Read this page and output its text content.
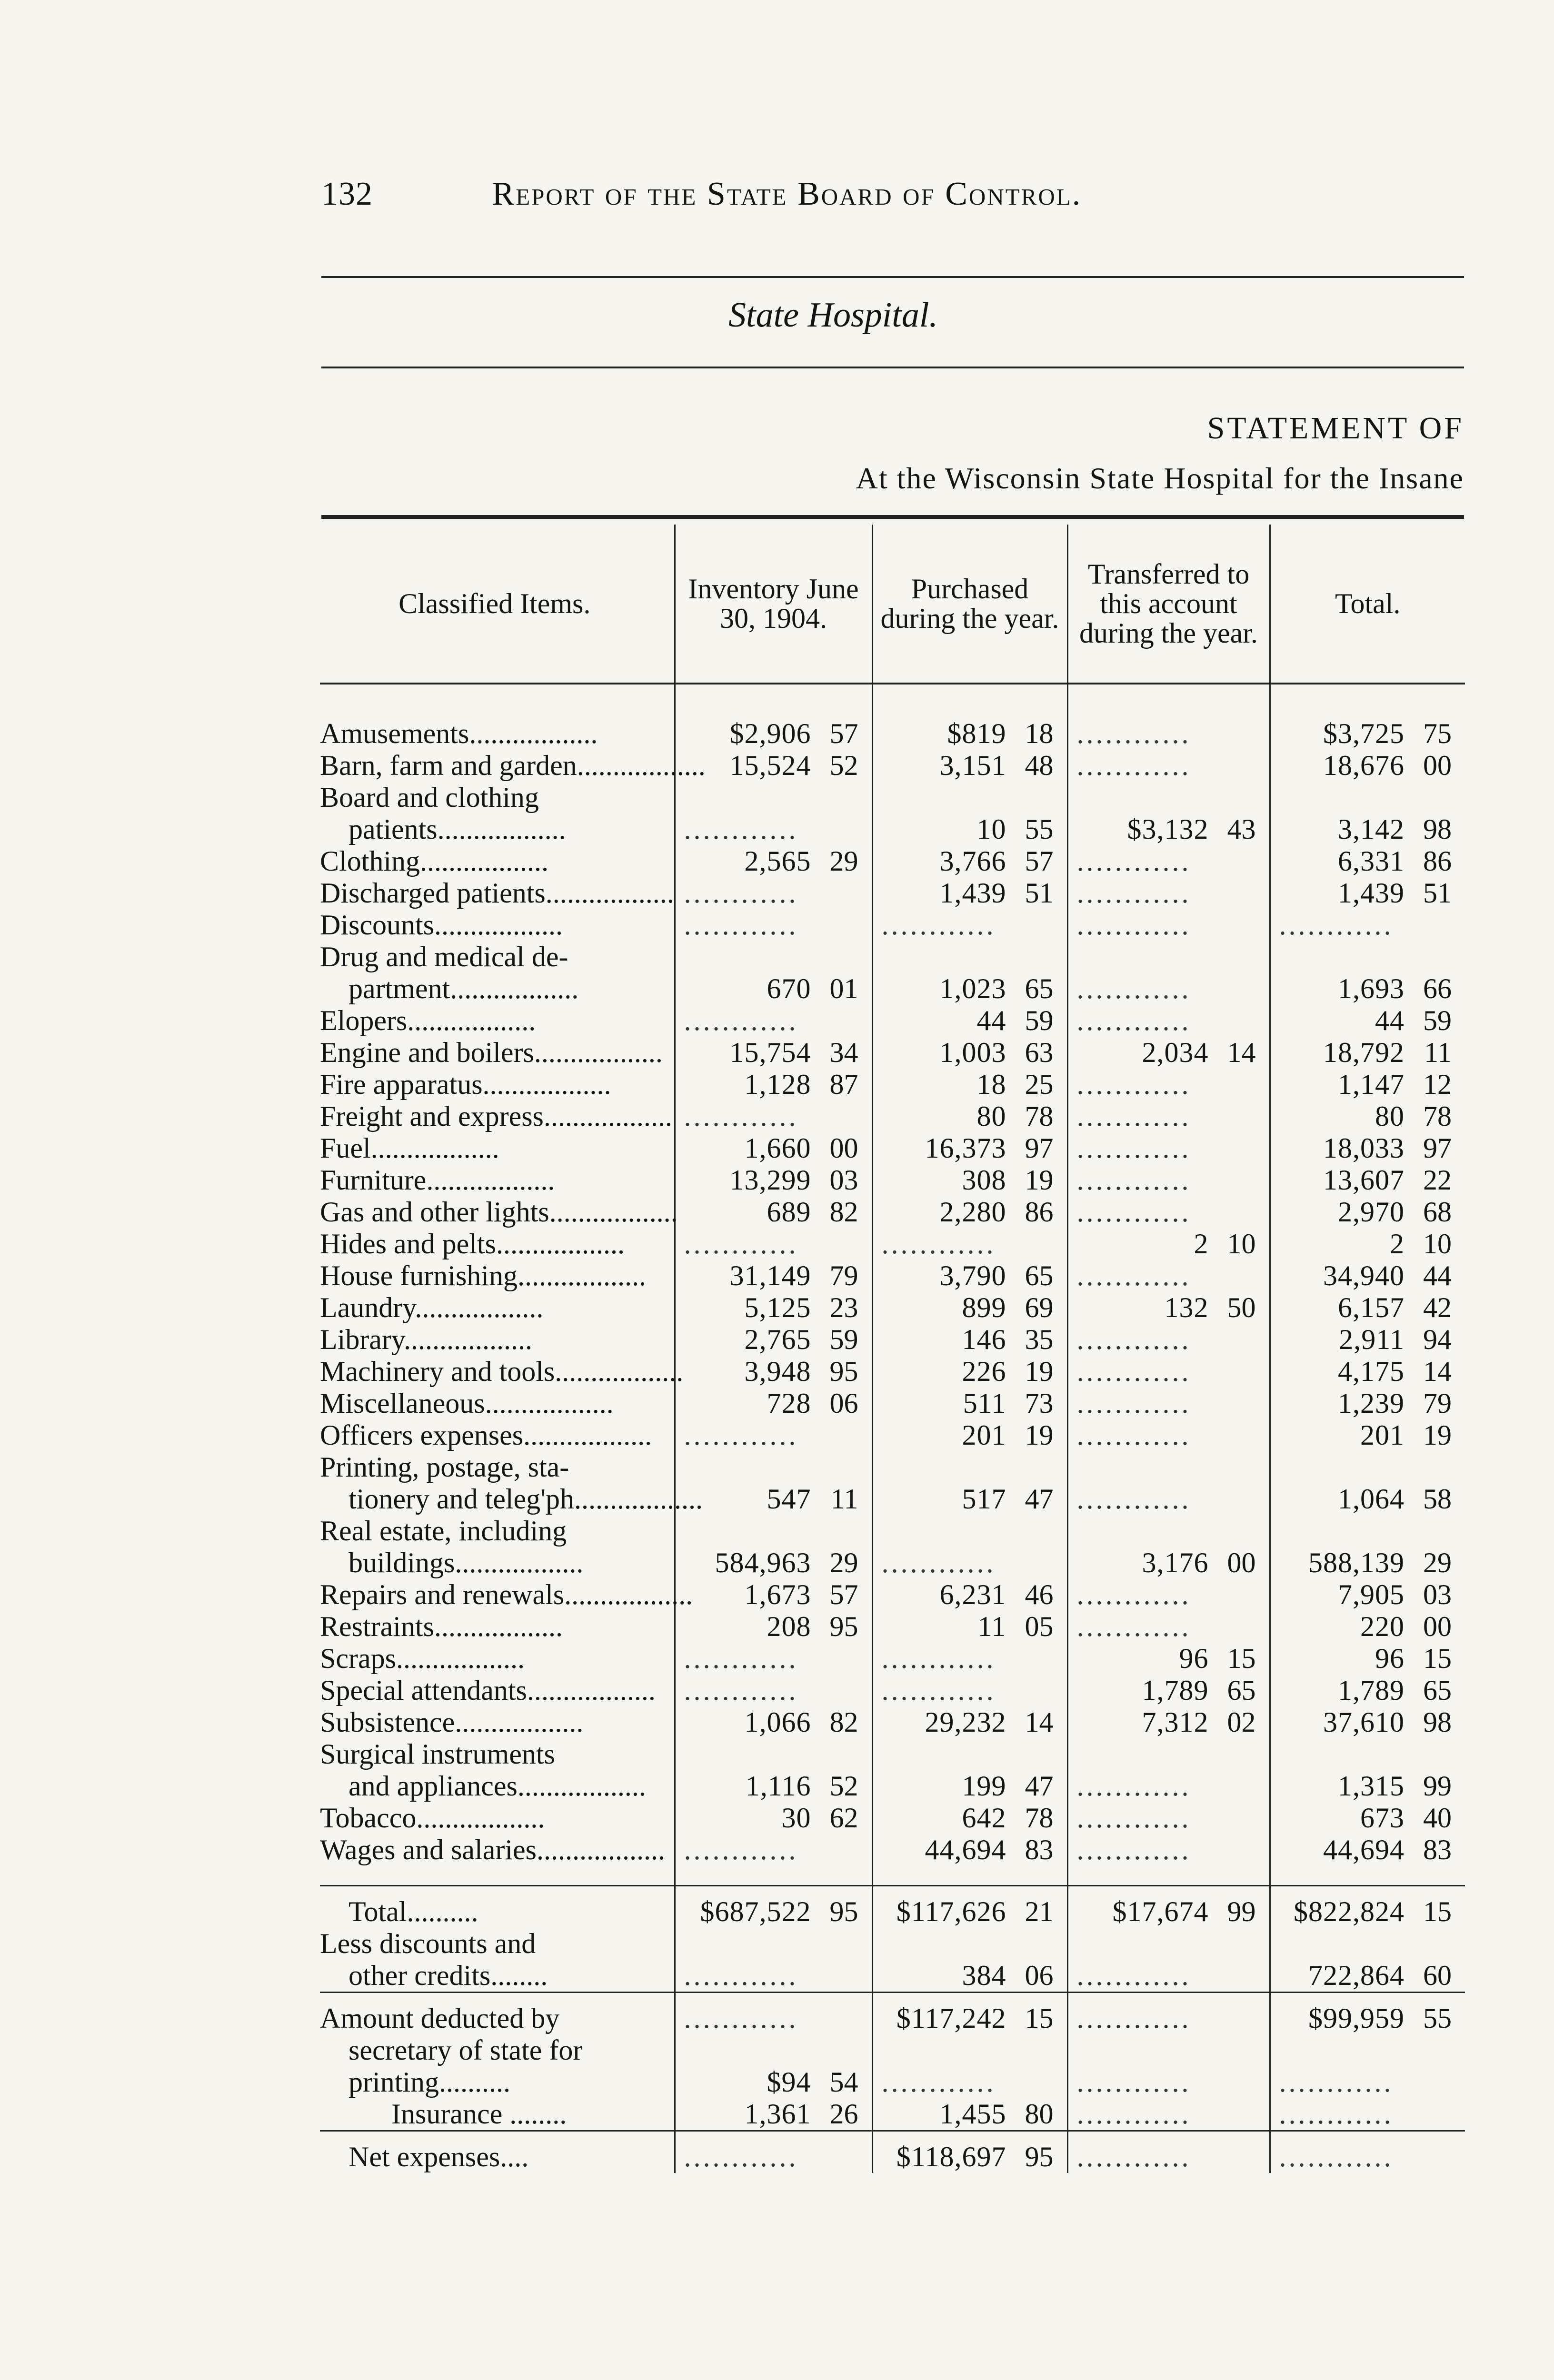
132	Report of the State Board of Control.
State Hospital.
STATEMENT OF
At the Wisconsin State Hospital for the Insane
Classified Items.	Inventory June 30, 1904.	Purchased during the year.	Transferred to this account during the year.	Total.

Amusements..................	$2,906 57	$819 18	............	$3,725 75
Barn, farm and garden..................	15,524 52	3,151 48	............	18,676 00
Board and clothing				
patients..................	............	10 55	$3,132 43	3,142 98
Clothing..................	2,565 29	3,766 57	............	6,331 86
Discharged patients..................	............	1,439 51	............	1,439 51
Discounts..................	............	............	............	............
Drug and medical de-				
partment..................	670 01	1,023 65	............	1,693 66
Elopers..................	............	44 59	............	44 59
Engine and boilers..................	15,754 34	1,003 63	2,034 14	18,792 11
Fire apparatus..................	1,128 87	18 25	............	1,147 12
Freight and express..................	............	80 78	............	80 78
Fuel..................	1,660 00	16,373 97	............	18,033 97
Furniture..................	13,299 03	308 19	............	13,607 22
Gas and other lights..................	689 82	2,280 86	............	2,970 68
Hides and pelts..................	............	............	2 10	2 10
House furnishing..................	31,149 79	3,790 65	............	34,940 44
Laundry..................	5,125 23	899 69	132 50	6,157 42
Library..................	2,765 59	146 35	............	2,911 94
Machinery and tools..................	3,948 95	226 19	............	4,175 14
Miscellaneous..................	728 06	511 73	............	1,239 79
Officers expenses..................	............	201 19	............	201 19
Printing, postage, sta-				
tionery and teleg'ph..................	547 11	517 47	............	1,064 58
Real estate, including				
buildings..................	584,963 29	............	3,176 00	588,139 29
Repairs and renewals..................	1,673 57	6,231 46	............	7,905 03
Restraints..................	208 95	11 05	............	220 00
Scraps..................	............	............	96 15	96 15
Special attendants..................	............	............	1,789 65	1,789 65
Subsistence..................	1,066 82	29,232 14	7,312 02	37,610 98
Surgical instruments				
and appliances..................	1,116 52	199 47	............	1,315 99
Tobacco..................	30 62	642 78	............	673 40
Wages and salaries..................	............	44,694 83	............	44,694 83

Total..........	$687,522 95	$117,626 21	$17,674 99	$822,824 15
Less discounts and				
other credits........	............	384 06	............	722,864 60
Amount deducted by	............	$117,242 15	............	$99,959 55
secretary of state for				
printing..........	$94 54	............	............	............
Insurance ........	1,361 26	1,455 80	............	............
Net expenses....	............	$118,697 95	............	............
